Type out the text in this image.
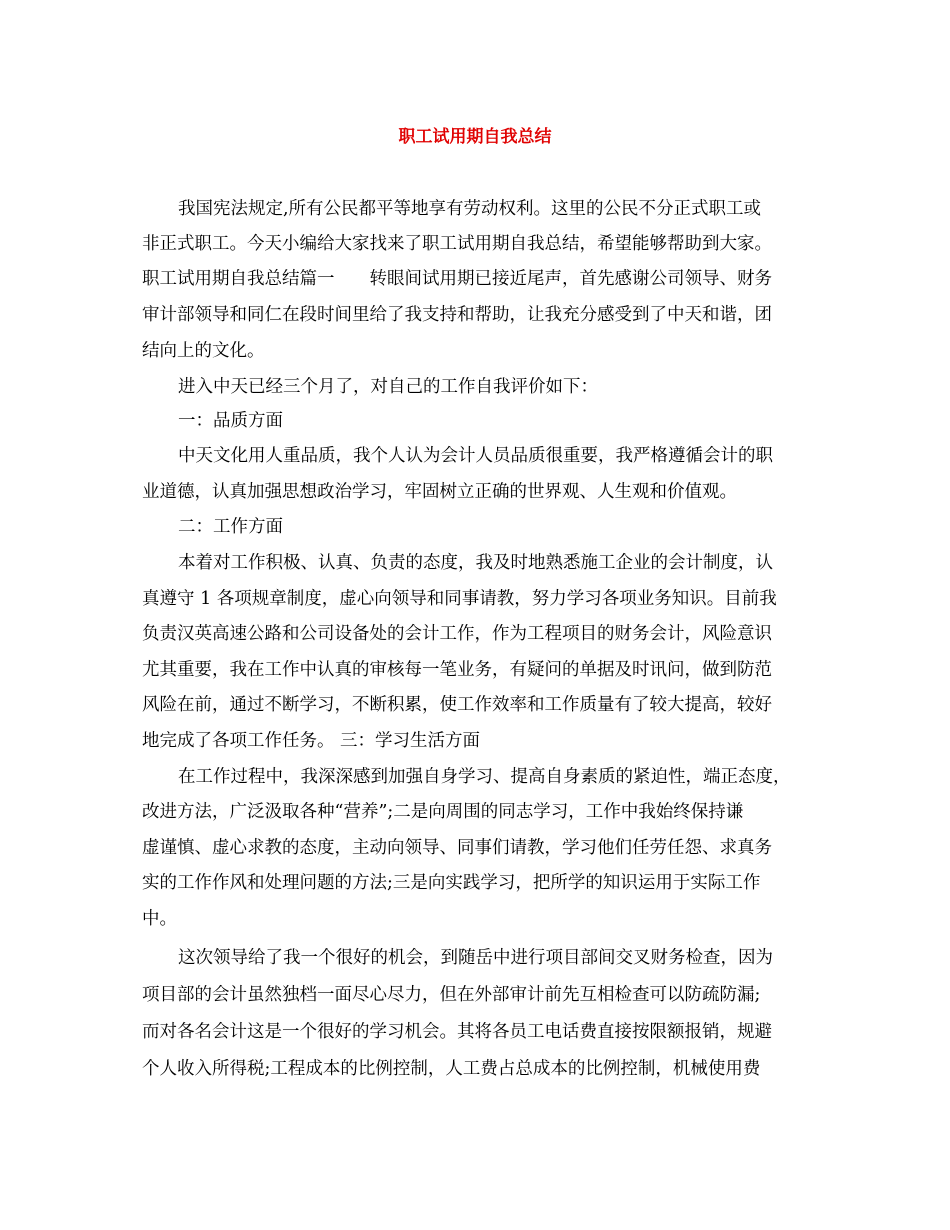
职工试用期自我总结
我国宪法规定,所有公民都平等地享有劳动权利。这里的公民不分正式职工或
非正式职工。今天小编给大家找来了职工试用期自我总结，希望能够帮助到大家。
职工试用期自我总结篇一　　转眼间试用期已接近尾声，首先感谢公司领导、财务
审计部领导和同仁在段时间里给了我支持和帮助，让我充分感受到了中天和谐，团
结向上的文化。
进入中天已经三个月了，对自己的工作自我评价如下：
一：品质方面
中天文化用人重品质，我个人认为会计人员品质很重要，我严格遵循会计的职
业道德，认真加强思想政治学习，牢固树立正确的世界观、人生观和价值观。
二：工作方面
本着对工作积极、认真、负责的态度，我及时地熟悉施工企业的会计制度，认
真遵守 1 各项规章制度，虚心向领导和同事请教，努力学习各项业务知识。目前我
负责汉英高速公路和公司设备处的会计工作，作为工程项目的财务会计，风险意识
尤其重要，我在工作中认真的审核每一笔业务，有疑问的单据及时讯问，做到防范
风险在前，通过不断学习，不断积累，使工作效率和工作质量有了较大提高，较好
地完成了各项工作任务。 三：学习生活方面
在工作过程中，我深深感到加强自身学习、提高自身素质的紧迫性，端正态度，
改进方法，广泛汲取各种“营养”;二是向周围的同志学习，工作中我始终保持谦
虚谨慎、虚心求教的态度，主动向领导、同事们请教，学习他们任劳任怨、求真务
实的工作作风和处理问题的方法;三是向实践学习，把所学的知识运用于实际工作
中。
这次领导给了我一个很好的机会，到随岳中进行项目部间交叉财务检查，因为
项目部的会计虽然独档一面尽心尽力，但在外部审计前先互相检查可以防疏防漏;
而对各名会计这是一个很好的学习机会。其将各员工电话费直接按限额报销，规避
个人收入所得税;工程成本的比例控制，人工费占总成本的比例控制，机械使用费
